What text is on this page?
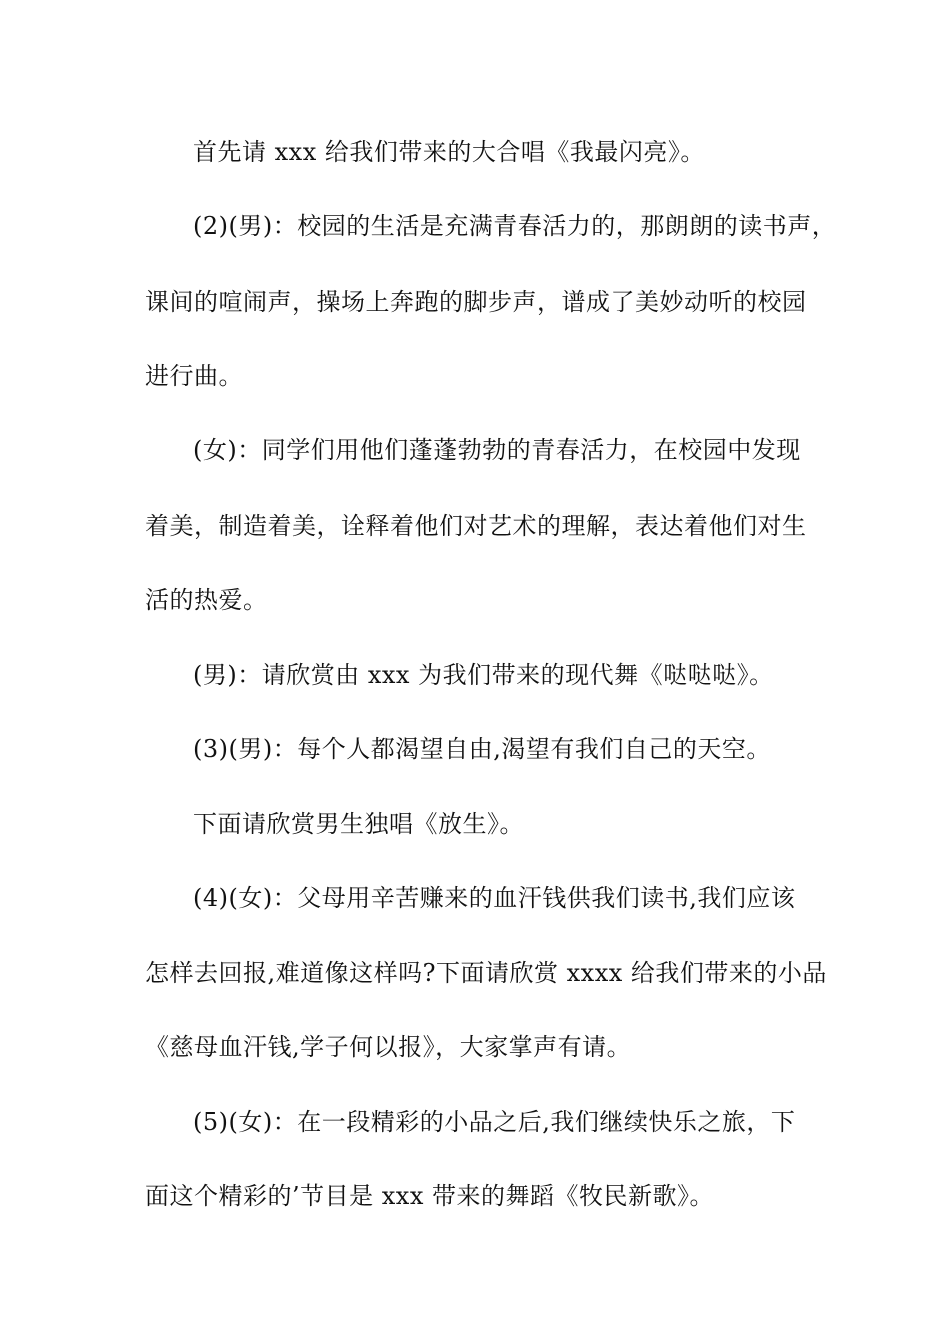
首先请 xxx 给我们带来的大合唱《我最闪亮》。
(2)(男)：校园的生活是充满青春活力的，那朗朗的读书声，
课间的喧闹声，操场上奔跑的脚步声，谱成了美妙动听的校园
进行曲。
(女)：同学们用他们蓬蓬勃勃的青春活力，在校园中发现
着美，制造着美，诠释着他们对艺术的理解，表达着他们对生
活的热爱。
(男)：请欣赏由 xxx 为我们带来的现代舞《哒哒哒》。
(3)(男)：每个人都渴望自由,渴望有我们自己的天空。
下面请欣赏男生独唱《放生》。
(4)(女)：父母用辛苦赚来的血汗钱供我们读书,我们应该
怎样去回报,难道像这样吗?下面请欣赏 xxxx 给我们带来的小品
《慈母血汗钱,学子何以报》，大家掌声有请。
(5)(女)：在一段精彩的小品之后,我们继续快乐之旅，下
面这个精彩的’节目是 xxx 带来的舞蹈《牧民新歌》。
